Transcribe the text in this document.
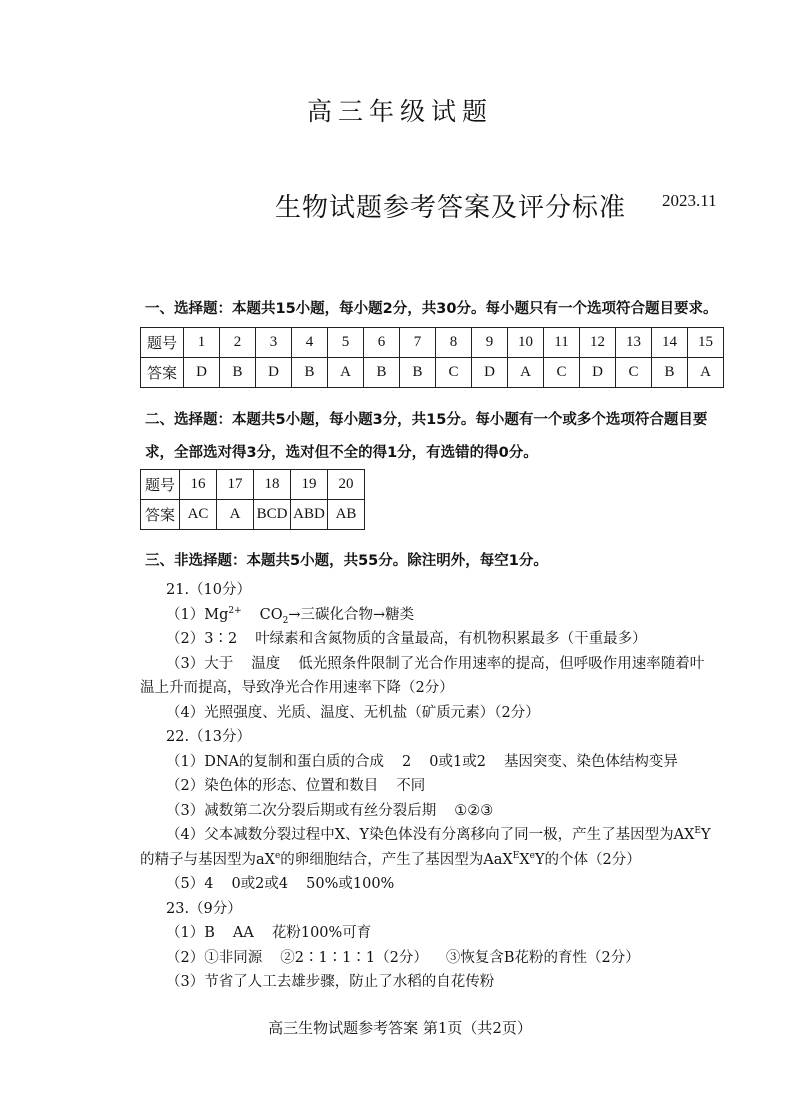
高三年级试题
生物试题参考答案及评分标准 2023.11
一、选择题：本题共15小题，每小题2分，共30分。每小题只有一个选项符合题目要求。
题号	1	2	3	4	5	6	7	8	9	10	11	12	13	14	15
答案	D	B	D	B	A	B	B	C	D	A	C	D	C	B	A
二、选择题：本题共5小题，每小题3分，共15分。每小题有一个或多个选项符合题目要求，全部选对得3分，选对但不全的得1分，有选错的得0分。
题号	16	17	18	19	20
答案	AC	A	BCD	ABD	AB
三、非选择题：本题共5小题，共55分。除注明外，每空1分。
21.（10分）
$(1)Mg^{2+}$ $CO_2\to$三碳化合物→糖类
（2）3∶2 叶绿素和含氮物质的含量最高，有机物积累最多（干重最多）
（3）大于 温度 低光照条件限制了光合作用速率的提高，但呼吸作用速率随着叶
温上升而提高，导致净光合作用速率下降（2分）
（4）光照强度、光质、温度、无机盐（矿质元素）（2分）
22.（13分）
（1）DNA的复制和蛋白质的合成 2 0或1或2 基因突变、染色体结构变异
（2）染色体的形态、位置和数目 不同
（3）减数第二次分裂后期或有丝分裂后期 ①②③
（4）父本减数分裂过程中X、Y染色体没有分离移向了同一极，产生了基因型为$AX^EY$
的精子与基因型为$aX^e$的卵细胞结合，产生了基因型为AaX$^E$XeY的个体（2分）
（5）4 0或2或4 50%或100%
23.（9分）
（1）B AA 花粉100%可育
（2）①非同源 ②2∶1∶1∶1（2分） ③恢复含B花粉的育性（2分）
（3）节省了人工去雄步骤，防止了水稻的自花传粉
高三生物试题参考答案 第1页（共2页）
